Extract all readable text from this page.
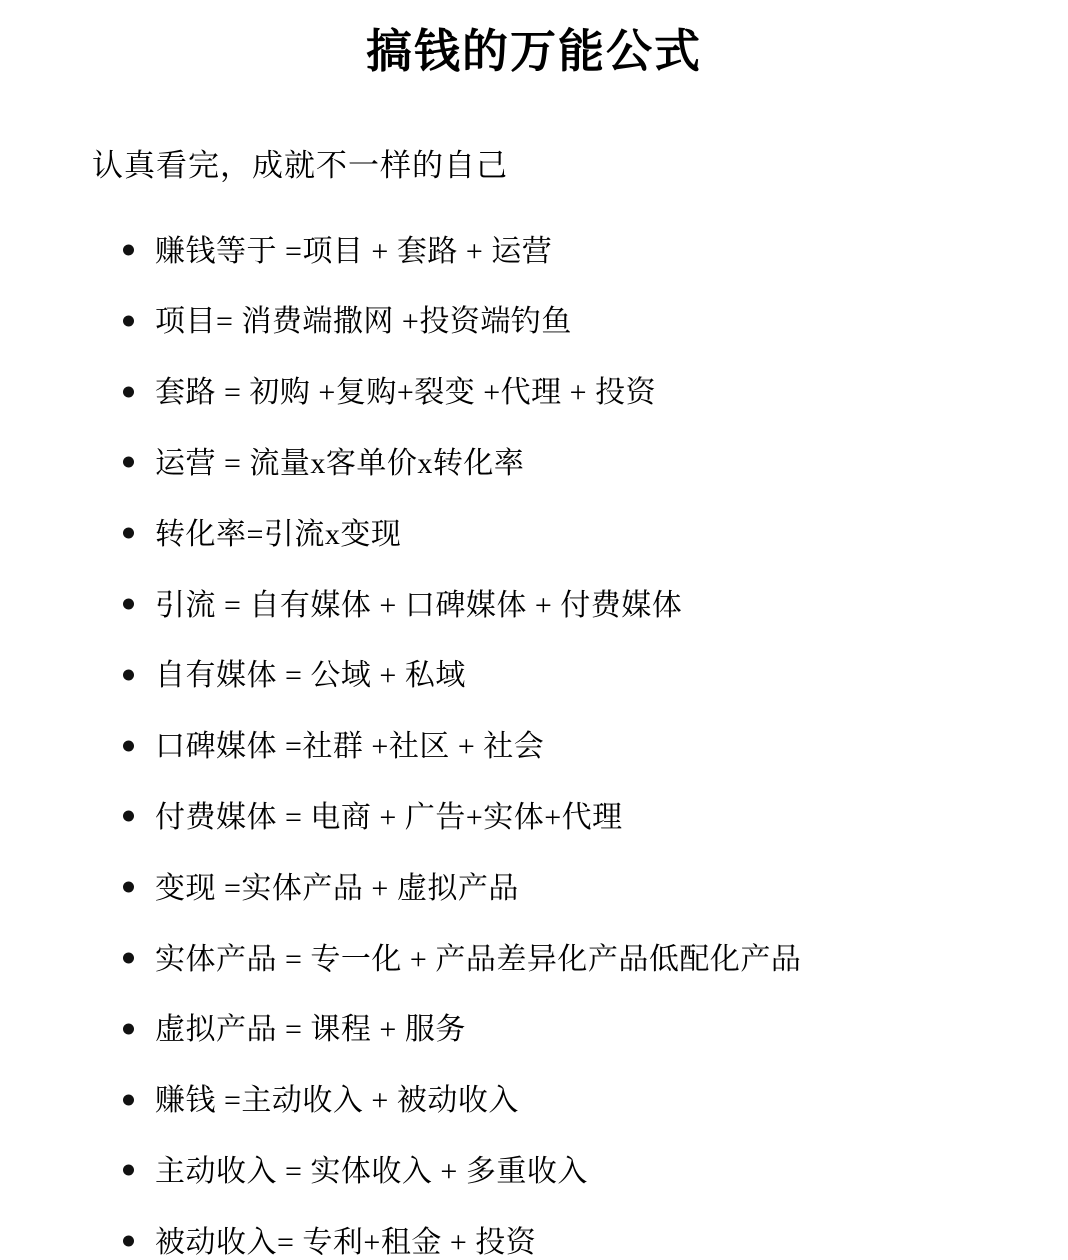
搞钱的万能公式

认真看完，成就不一样的自己

赚钱等于 =项目 + 套路 + 运营
项目= 消费端撒网 +投资端钓鱼
套路 = 初购 +复购+裂变 +代理 + 投资
运营 = 流量x客单价x转化率
转化率=引流x变现
引流 = 自有媒体 + 口碑媒体 + 付费媒体
自有媒体 = 公域 + 私域
口碑媒体 =社群 +社区 + 社会
付费媒体 = 电商 + 广告+实体+代理
变现 =实体产品 + 虚拟产品
实体产品 = 专一化 + 产品差异化产品低配化产品
虚拟产品 = 课程 + 服务
赚钱 =主动收入 + 被动收入
主动收入 = 实体收入 + 多重收入
被动收入= 专利+租金 + 投资
